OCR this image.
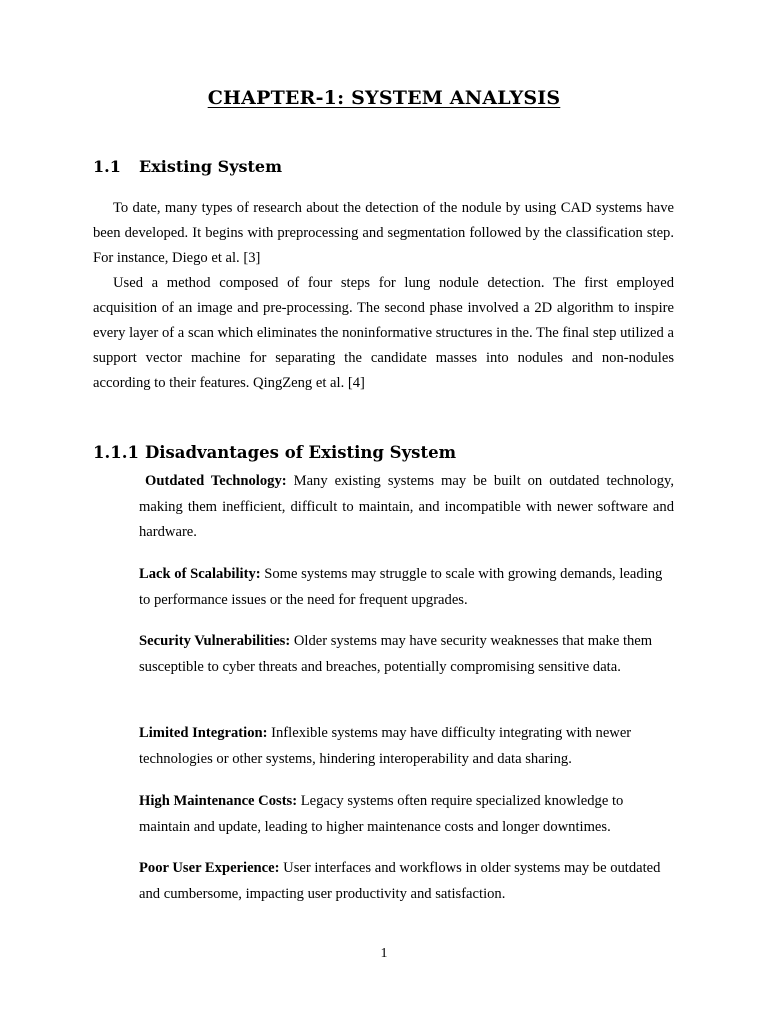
CHAPTER-1: SYSTEM ANALYSIS
1.1 Existing System

To date, many types of research about the detection of the nodule by using CAD systems have been developed. It begins with preprocessing and segmentation followed by the classification step. For instance, Diego et al. [3]

Used a method composed of four steps for lung nodule detection. The first employed acquisition of an image and pre-processing. The second phase involved a 2D algorithm to inspire every layer of a scan which eliminates the noninformative structures in the. The final step utilized a support vector machine for separating the candidate masses into nodules and non-nodules according to their features. QingZeng et al. [4]

1.1.1 Disadvantages of Existing System
Outdated Technology: Many existing systems may be built on outdated technology, making them inefficient, difficult to maintain, and incompatible with newer software and hardware.
Lack of Scalability: Some systems may struggle to scale with growing demands, leading to performance issues or the need for frequent upgrades.
Security Vulnerabilities: Older systems may have security weaknesses that make them susceptible to cyber threats and breaches, potentially compromising sensitive data.
Limited Integration: Inflexible systems may have difficulty integrating with newer technologies or other systems, hindering interoperability and data sharing.
High Maintenance Costs: Legacy systems often require specialized knowledge to maintain and update, leading to higher maintenance costs and longer downtimes.
Poor User Experience: User interfaces and workflows in older systems may be outdated and cumbersome, impacting user productivity and satisfaction.
1
